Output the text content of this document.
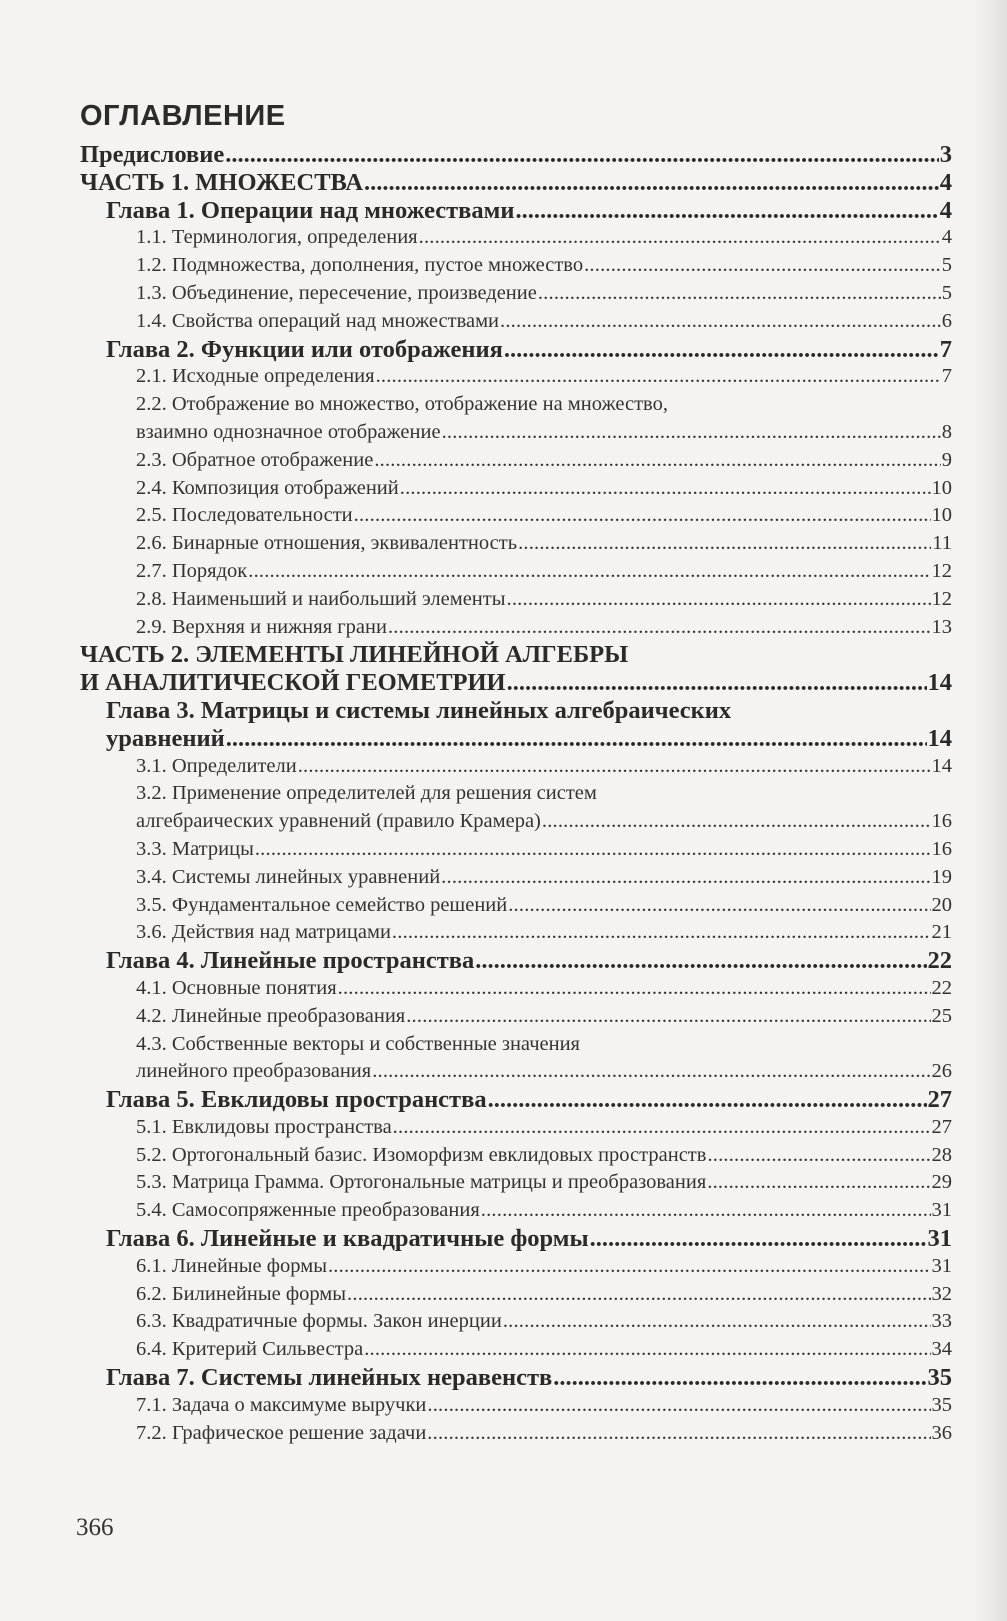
ОГЛАВЛЕНИЕ
Предисловие .....	3
ЧАСТЬ 1. МНОЖЕСТВА .....	4
Глава 1. Операции над множествами .....	4
1.1. Терминология, определения .....	4
1.2. Подмножества, дополнения, пустое множество .....	5
1.3. Объединение, пересечение, произведение .....	5
1.4. Свойства операций над множествами .....	6
Глава 2. Функции или отображения .....	7
2.1. Исходные определения .....	7
2.2. Отображение во множество, отображение на множество,
взаимно однозначное отображение .....	8
2.3. Обратное отображение .....	9
2.4. Композиция отображений .....	10
2.5. Последовательности .....	10
2.6. Бинарные отношения, эквивалентность .....	11
2.7. Порядок .....	12
2.8. Наименьший и наибольший элементы .....	12
2.9. Верхняя и нижняя грани .....	13
ЧАСТЬ 2. ЭЛЕМЕНТЫ ЛИНЕЙНОЙ АЛГЕБРЫ
И АНАЛИТИЧЕСКОЙ ГЕОМЕТРИИ .....	14
Глава 3. Матрицы и системы линейных алгебраических
уравнений .....	14
3.1. Определители .....	14
3.2. Применение определителей для решения систем
алгебраических уравнений (правило Крамера) .....	16
3.3. Матрицы .....	16
3.4. Системы линейных уравнений .....	19
3.5. Фундаментальное семейство решений .....	20
3.6. Действия над матрицами .....	21
Глава 4. Линейные пространства .....	22
4.1. Основные понятия .....	22
4.2. Линейные преобразования .....	25
4.3. Собственные векторы и собственные значения
линейного преобразования .....	26
Глава 5. Евклидовы пространства .....	27
5.1. Евклидовы пространства .....	27
5.2. Ортогональный базис. Изоморфизм евклидовых пространств .....	28
5.3. Матрица Грамма. Ортогональные матрицы и преобразования .....	29
5.4. Самосопряженные преобразования .....	31
Глава 6. Линейные и квадратичные формы .....	31
6.1. Линейные формы .....	31
6.2. Билинейные формы .....	32
6.3. Квадратичные формы. Закон инерции .....	33
6.4. Критерий Сильвестра .....	34
Глава 7. Системы линейных неравенств .....	35
7.1. Задача о максимуме выручки .....	35
7.2. Графическое решение задачи .....	36
366
